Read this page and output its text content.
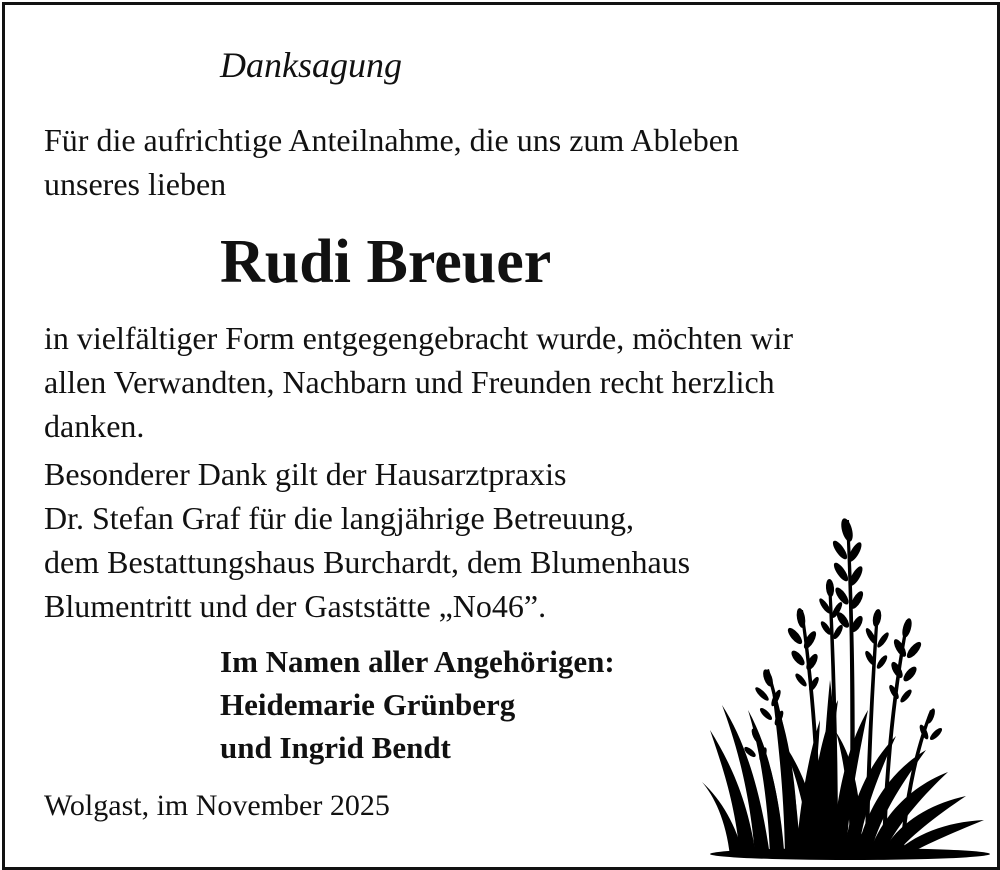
Danksagung
Für die aufrichtige Anteilnahme, die uns zum Ableben
unseres lieben
Rudi Breuer
in vielfältiger Form entgegengebracht wurde, möchten wir
allen Verwandten, Nachbarn und Freunden recht herzlich
danken.
Besonderer Dank gilt der Hausarztpraxis
Dr. Stefan Graf für die langjährige Betreuung,
dem Bestattungshaus Burchardt, dem Blumenhaus
Blumentritt und der Gaststätte „No46”.
Im Namen aller Angehörigen:
Heidemarie Grünberg
und Ingrid Bendt
Wolgast, im November 2025
